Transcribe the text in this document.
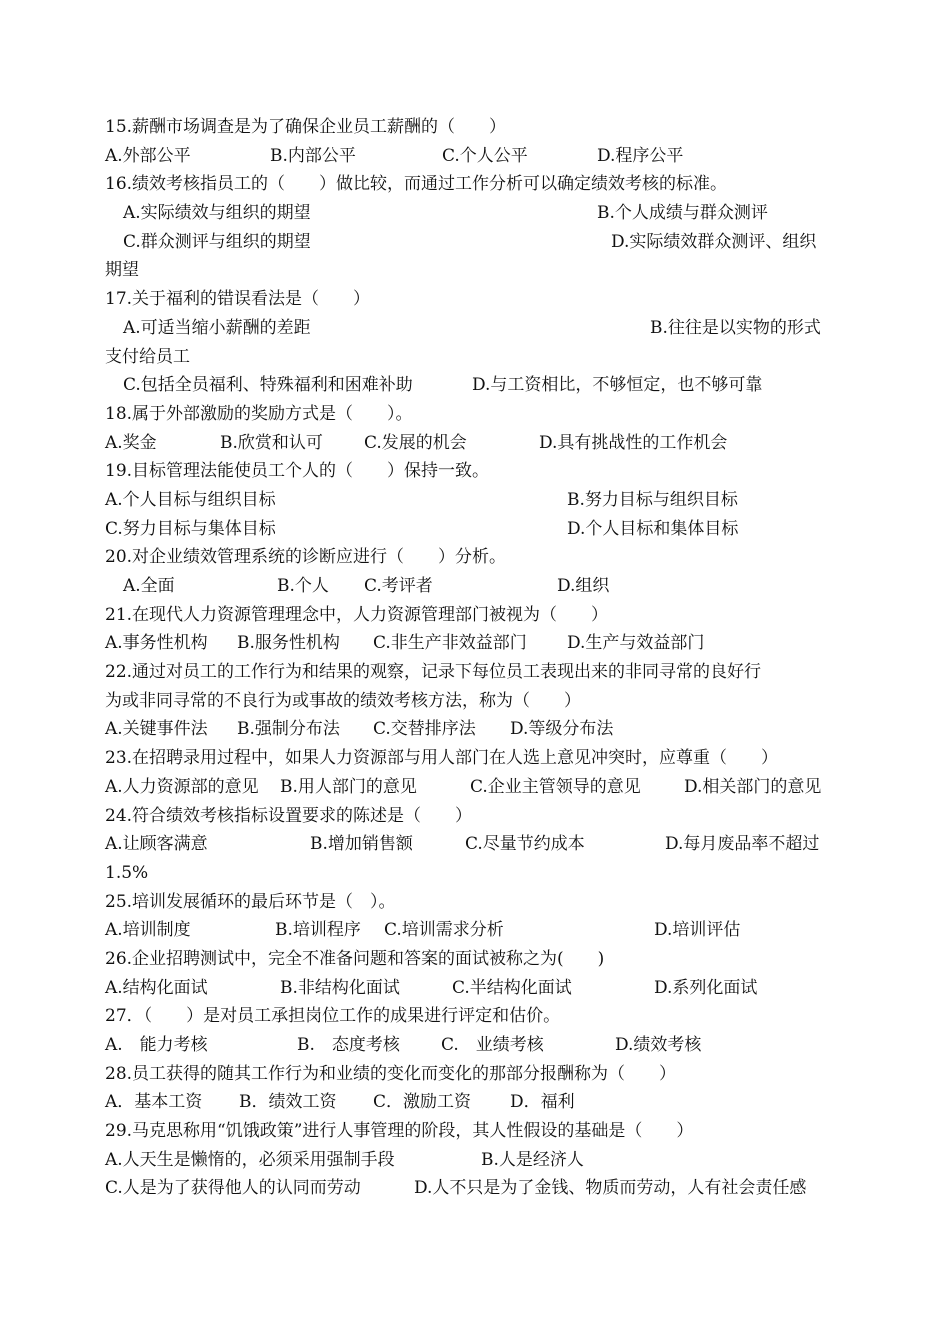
15.薪酬市场调查是为了确保企业员工薪酬的（　　）
A.外部公平	B.内部公平	C.个人公平	D.程序公平
16.绩效考核指员工的（　　）做比较，而通过工作分析可以确定绩效考核的标准。
A.实际绩效与组织的期望	B.个人成绩与群众测评
C.群众测评与组织的期望	D.实际绩效群众测评、组织
期望
17.关于福利的错误看法是（　　）
A.可适当缩小薪酬的差距	B.往往是以实物的形式
支付给员工
C.包括全员福利、特殊福利和困难补助	D.与工资相比，不够恒定，也不够可靠
18.属于外部激励的奖励方式是（　　）。
A.奖金	B.欣赏和认可 C.发展的机会	D.具有挑战性的工作机会
19.目标管理法能使员工个人的（　　）保持一致。
A.个人目标与组织目标	B.努力目标与组织目标
C.努力目标与集体目标	D.个人目标和集体目标
20.对企业绩效管理系统的诊断应进行（　　）分析。
A.全面	B.个人 C.考评者	D.组织
21.在现代人力资源管理理念中，人力资源管理部门被视为（　　）
A.事务性机构 B.服务性机构 C.非生产非效益部门 D.生产与效益部门
22.通过对员工的工作行为和结果的观察，记录下每位员工表现出来的非同寻常的良好行
为或非同寻常的不良行为或事故的绩效考核方法，称为（　　）
A.关键事件法 B.强制分布法 C.交替排序法 D.等级分布法
23.在招聘录用过程中，如果人力资源部与用人部门在人选上意见冲突时，应尊重（　　）
A.人力资源部的意见 B.用人部门的意见	C.企业主管领导的意见	D.相关部门的意见
24.符合绩效考核指标设置要求的陈述是（　　）
A.让顾客满意	B.增加销售额	C.尽量节约成本	D.每月废品率不超过
1.5%
25.培训发展循环的最后环节是（　）。
A.培训制度	B.培训程序 C.培训需求分析	D.培训评估
26.企业招聘测试中，完全不准备问题和答案的面试被称之为(　　)
A.结构化面试	B.非结构化面试	C.半结构化面试	D.系列化面试
27．（　　）是对员工承担岗位工作的成果进行评定和估价。
A.　能力考核	B.　态度考核 C.　业绩考核	D.绩效考核
28.员工获得的随其工作行为和业绩的变化而变化的那部分报酬称为（　　）
A．基本工资 B．绩效工资 C．激励工资 D．福利
29.马克思称用“饥饿政策”进行人事管理的阶段，其人性假设的基础是（　　）
A.人天生是懒惰的，必须采用强制手段	B.人是经济人
C.人是为了获得他人的认同而劳动	D.人不只是为了金钱、物质而劳动，人有社会责任感
